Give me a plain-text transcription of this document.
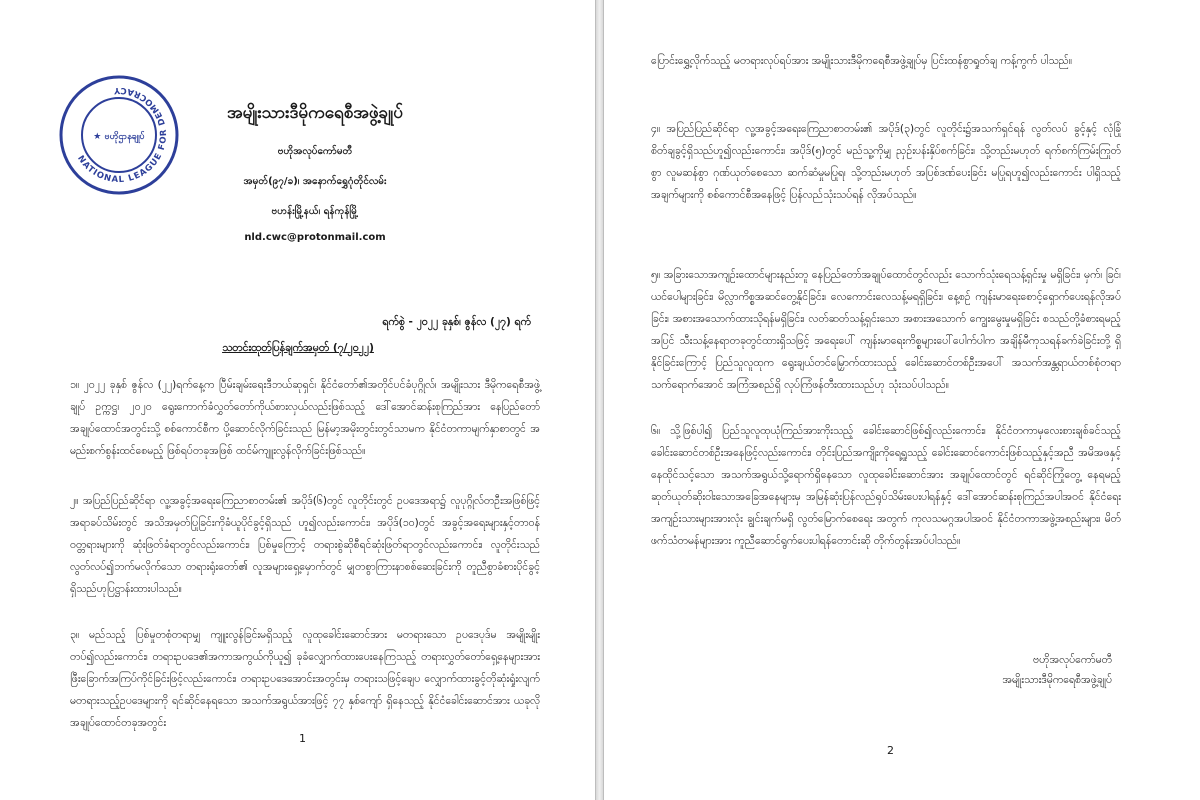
NATIONAL LEAGUE FOR DEMOCRACY
★ ဗဟိုဌာနချုပ်

အမျိုးသားဒီမိုကရေစီအဖွဲ့ချုပ်

ဗဟိုအလုပ်ကော်မတီ

အမှတ်(၉၇/ခ)၊ အနောက်ရွှေဂုံတိုင်လမ်း

ဗဟန်းမြို့နယ်၊ ရန်ကုန်မြို့

nld.cwc@protonmail.com

ရက်စွဲ - ၂၀၂၂ ခုနှစ်၊ ဇွန်လ (၂၇) ရက်

သတင်းထုတ်ပြန်ချက်အမှတ် (၇/၂၀၂၂)

၁။ ၂၀၂၂ ခုနှစ် ဇွန်လ (၂၂)ရက်နေ့က ပြီမ်းချမ်းရေးဒီဘယ်ဆုရှင်၊ နိုင်ငံတော်၏အတိုင်ပင်ခံပုဂ္ဂိုလ်၊ အမျိုးသား ဒီမိုကရေစီအဖွဲ့ချုပ် ဥက္ကဋ္ဌ၊ ၂၀၂၀ ရွေးကောက်ခံလွှတ်တော်ကိုယ်စားလှယ်လည်းဖြစ်သည့် ဒေါ်အောင်ဆန်းစုကြည်အား နေပြည်တော်အချုပ်ထောင်အတွင်းသို့ စစ်ကောင်စီက ပို့ဆောင်လိုက်ခြင်းသည် မြန်မာ့အမိုးတွင်းတွင်သာမက နိုင်ငံတကာမျက်နှာစာတွင် အမည်းစက်စွန်းထင်စေမည့် ဖြစ်ရပ်တခုအဖြစ် ထင်မ်ကျူးလွန်လိုက်ခြင်းဖြစ်သည်။

၂။ အပြည်ပြည်ဆိုင်ရာ လူ့အခွင့်အရေးကြေညာစာတမ်း၏ အပိုဒ်(၆)တွင် လူတိုင်းတွင် ဥပဒေအရာ၌ လူပုဂ္ဂိုလ်တဦးအဖြစ်ဖြင့် အရာခပ်သိမ်းတွင် အသိအမှတ်ပြုခြင်းကိုခံယူပိုင်ခွင့်ရှိသည် ဟူ၍လည်းကောင်း၊ အပိုဒ်(၁၀)တွင် အခွင့်အရေးများနှင့်တာဝန်ဝတ္တရားများကို ဆုံးဖြတ်ခံရာတွင်လည်းကောင်း၊ ပြစ်မှုကြောင့် တရားစွဲဆိုစီရင်ဆုံးဖြတ်ရာတွင်လည်းကောင်း၊ လူတိုင်းသည် လွတ်လပ်၍ဘက်မလိုက်သော တရားရုံးတော်၏ လူအများရှေ့မှောက်တွင် မျှတစွာကြားနာစစ်ဆေးခြင်းကို တူညီစွာခံစားပိုင်ခွင့်ရှိသည်ဟုပြဋ္ဌာန်းထားပါသည်။

၃။ မည်သည့် ပြစ်မှုတစုံတရာမျှ ကျူးလွန်ခြင်းမရှိသည့် လူထုခေါင်းဆောင်အား မတရားသော ဥပဒေပုဒ်မ အမျိုးမျိုးတပ်၍လည်းကောင်း၊ တရားဥပဒေ၏အကာအကွယ်ကိုယူ၍ ခုခံလျှောက်ထားပေးနေကြသည့် တရားလွှတ်တော်ရှေ့နေများအား ဖြီးခြောက်အကြပ်ကိုင်ခြင်းဖြင့်လည်းကောင်း၊ တရားဥပဒေအောင်းအတွင်းမှ တရားသဖြင့်ချေပ လျှောက်ထားခွင့်တိုဆုံးရှုံးလျက် မတရားသည့်ဥပဒေများကို ရင်ဆိုင်နေရသော အသက်အရွယ်အားဖြင့် ၇၇ နှစ်ကျော် ရှိနေသည့် နိုင်ငံခေါင်းဆောင်အား ယခုလို အချုပ်ထောင်တခုအတွင်း

1

ပြောင်းရွှေ့လိုက်သည့် မတရားလုပ်ရပ်အား အမျိုးသားဒီမိုကရေစီအဖွဲ့ချုပ်မှ ပြင်းထန်စွာရှုတ်ချ ကန့်ကွက် ပါသည်။

၄။ အပြည်ပြည်ဆိုင်ရာ လူ့အခွင့်အရေးကြေညာစာတမ်း၏ အပိုဒ်(၃)တွင် လူတိုင်း၌အသက်ရှင်ရန် လွတ်လပ် ခွင့်နှင့် လုံခြုံစိတ်ချခွင့်ရှိသည်ဟူ၍လည်းကောင်း၊ အပိုဒ်(၅)တွင် မည်သူ့ကိုမျှ ညှဉ်းပန်းနှိပ်စက်ခြင်း၊ သို့တည်းမဟုတ် ရက်စက်ကြမ်းကြုတ်စွာ လူမဆန်စွာ ဂုဏ်ယုတ်စေသော ဆက်ဆံမှုမပြုရ၊ သို့တည်းမဟုတ် အပြစ်ဒဏ်ပေးခြင်း မပြုရဟူ၍လည်းကောင်း ပါရှိသည့်အချက်များကို စစ်ကောင်စီအနေဖြင့် ပြန်လည်သုံးသပ်ရန် လိုအပ်သည်။

၅။ အခြားသောအကျဉ်းထောင်များနည်းတူ နေပြည်တော်အချုပ်ထောင်တွင်လည်း သောက်သုံးရေသန့်ရှင်းမှု မရှိခြင်း၊ မှက်၊ ခြင်၊ ယင်ပေါများခြင်း၊ မိလ္လာကိစ္စအဆင်တွေ့နိုင်ခြင်း၊ လေကောင်းလေသန့်မရရှိခြင်း၊ နေ့စဉ် ကျန်းမာရေးစောင့်ရှောက်ပေးရန်လိုအပ်ခြင်း၊ အစားအသောက်ထားသိုရန်မရှိခြင်း၊ လတ်ဆတ်သန့်ရှင်းသော အစားအသောက် ကျွေးမွေးမှုမရှိခြင်း စသည်တို့ခံစားရမည့်အပြင် သီးသန့်နေရာတခုတွင်ထားရှိသဖြင့် အရေးပေါ် ကျန်းမာရေးကိစ္စများပေါ်ပေါက်ပါက အချိန်မီကုသရန်ခက်ခဲခြင်းတို့ ရှိနိုင်ခြင်းကြောင့် ပြည်သူလူထုက ရွေးချယ်တင်မြှောက်ထားသည့် ခေါင်းဆောင်တစ်ဦးအပေါ် အသက်အန္တရာယ်တစ်စုံတရာ သက်ရောက်အောင် အကြံအစည်ရှိ လုပ်ကြံဖန်တီးထားသည်ဟု သုံးသပ်ပါသည်။

၆။ သို့ဖြစ်ပါ၍ ပြည်သူလူထုယုံကြည်အားကိုးသည့် ခေါင်းဆောင်ဖြစ်၍လည်းကောင်း၊ နိုင်ငံတကာမှလေးစားချစ်ခင်သည့် ခေါင်းဆောင်တစ်ဦးအနေဖြင့်လည်းကောင်း၊ တိုင်းပြည်အကျိုးကိုရေ့ရှုသည့် ခေါင်းဆောင်ကောင်းဖြစ်သည့်နှင့်အညီ အမိအဖနှင့် နေထိုင်သင့်သော အသက်အရွယ်သို့ရောက်ရှိနေသော လူထုခေါင်းဆောင်အား အချုပ်ထောင်တွင် ရင်ဆိုင်ကြုံတွေ့ နေရမည့် ဆုတ်ယုတ်ဆိုးဝါးသောအခြေအနေများမှ အမြန်ဆုံးပြန်လည်ရုပ်သိမ်းပေးပါရန်နှင့် ဒေါ်အောင်ဆန်းစုကြည်အပါအဝင် နိုင်ငံရေးအကျဉ်းသားများအားလုံး ချွင်းချက်မရှိ လွတ်မြောက်စေရေး အတွက် ကုလသမဂ္ဂအပါအဝင် နိုင်ငံတကာအဖွဲ့အစည်းများ၊ မိတ်ဖက်သံတမန်များအား ကူညီဆောင်ရွက်ပေးပါရန်တောင်းဆို တိုက်တွန်းအပ်ပါသည်။

ဗဟိုအလုပ်ကော်မတီ

အမျိုးသားဒီမိုကရေစီအဖွဲ့ချုပ်

2
